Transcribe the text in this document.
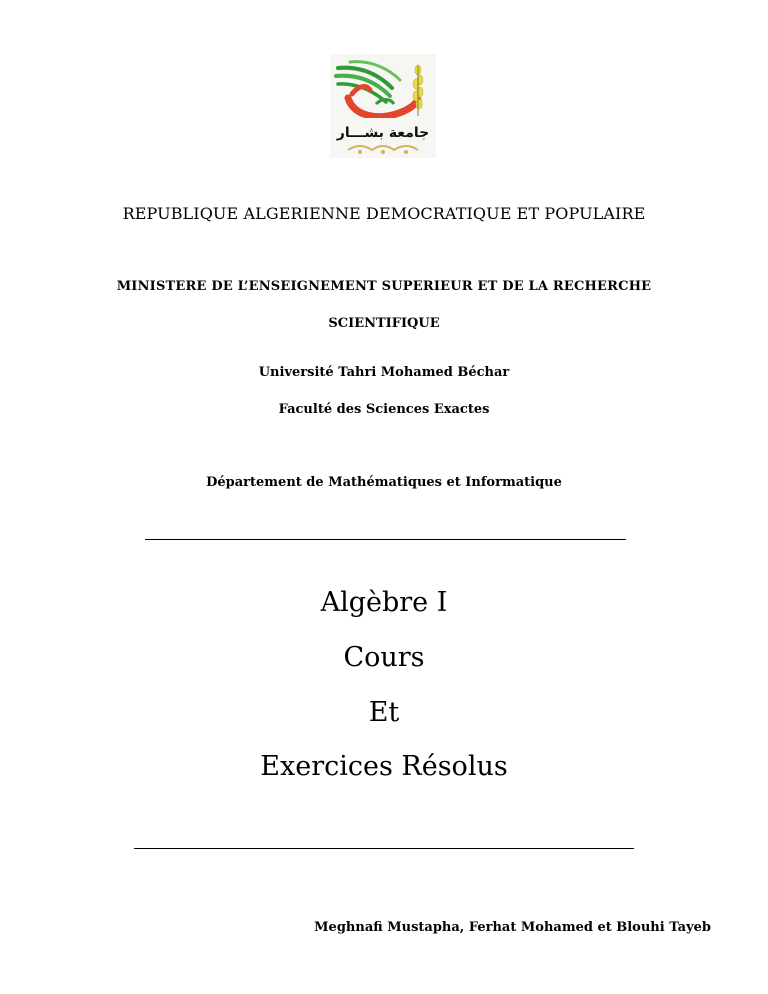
جامعة بشـــار
REPUBLIQUE ALGERIENNE DEMOCRATIQUE ET POPULAIRE
MINISTERE DE L’ENSEIGNEMENT SUPERIEUR ET DE LA RECHERCHE
SCIENTIFIQUE
Université Tahri Mohamed Béchar
Faculté des Sciences Exactes
Département de Mathématiques et Informatique
Algèbre I
Cours
Et
Exercices Résolus
Meghnafi Mustapha, Ferhat Mohamed et Blouhi Tayeb
